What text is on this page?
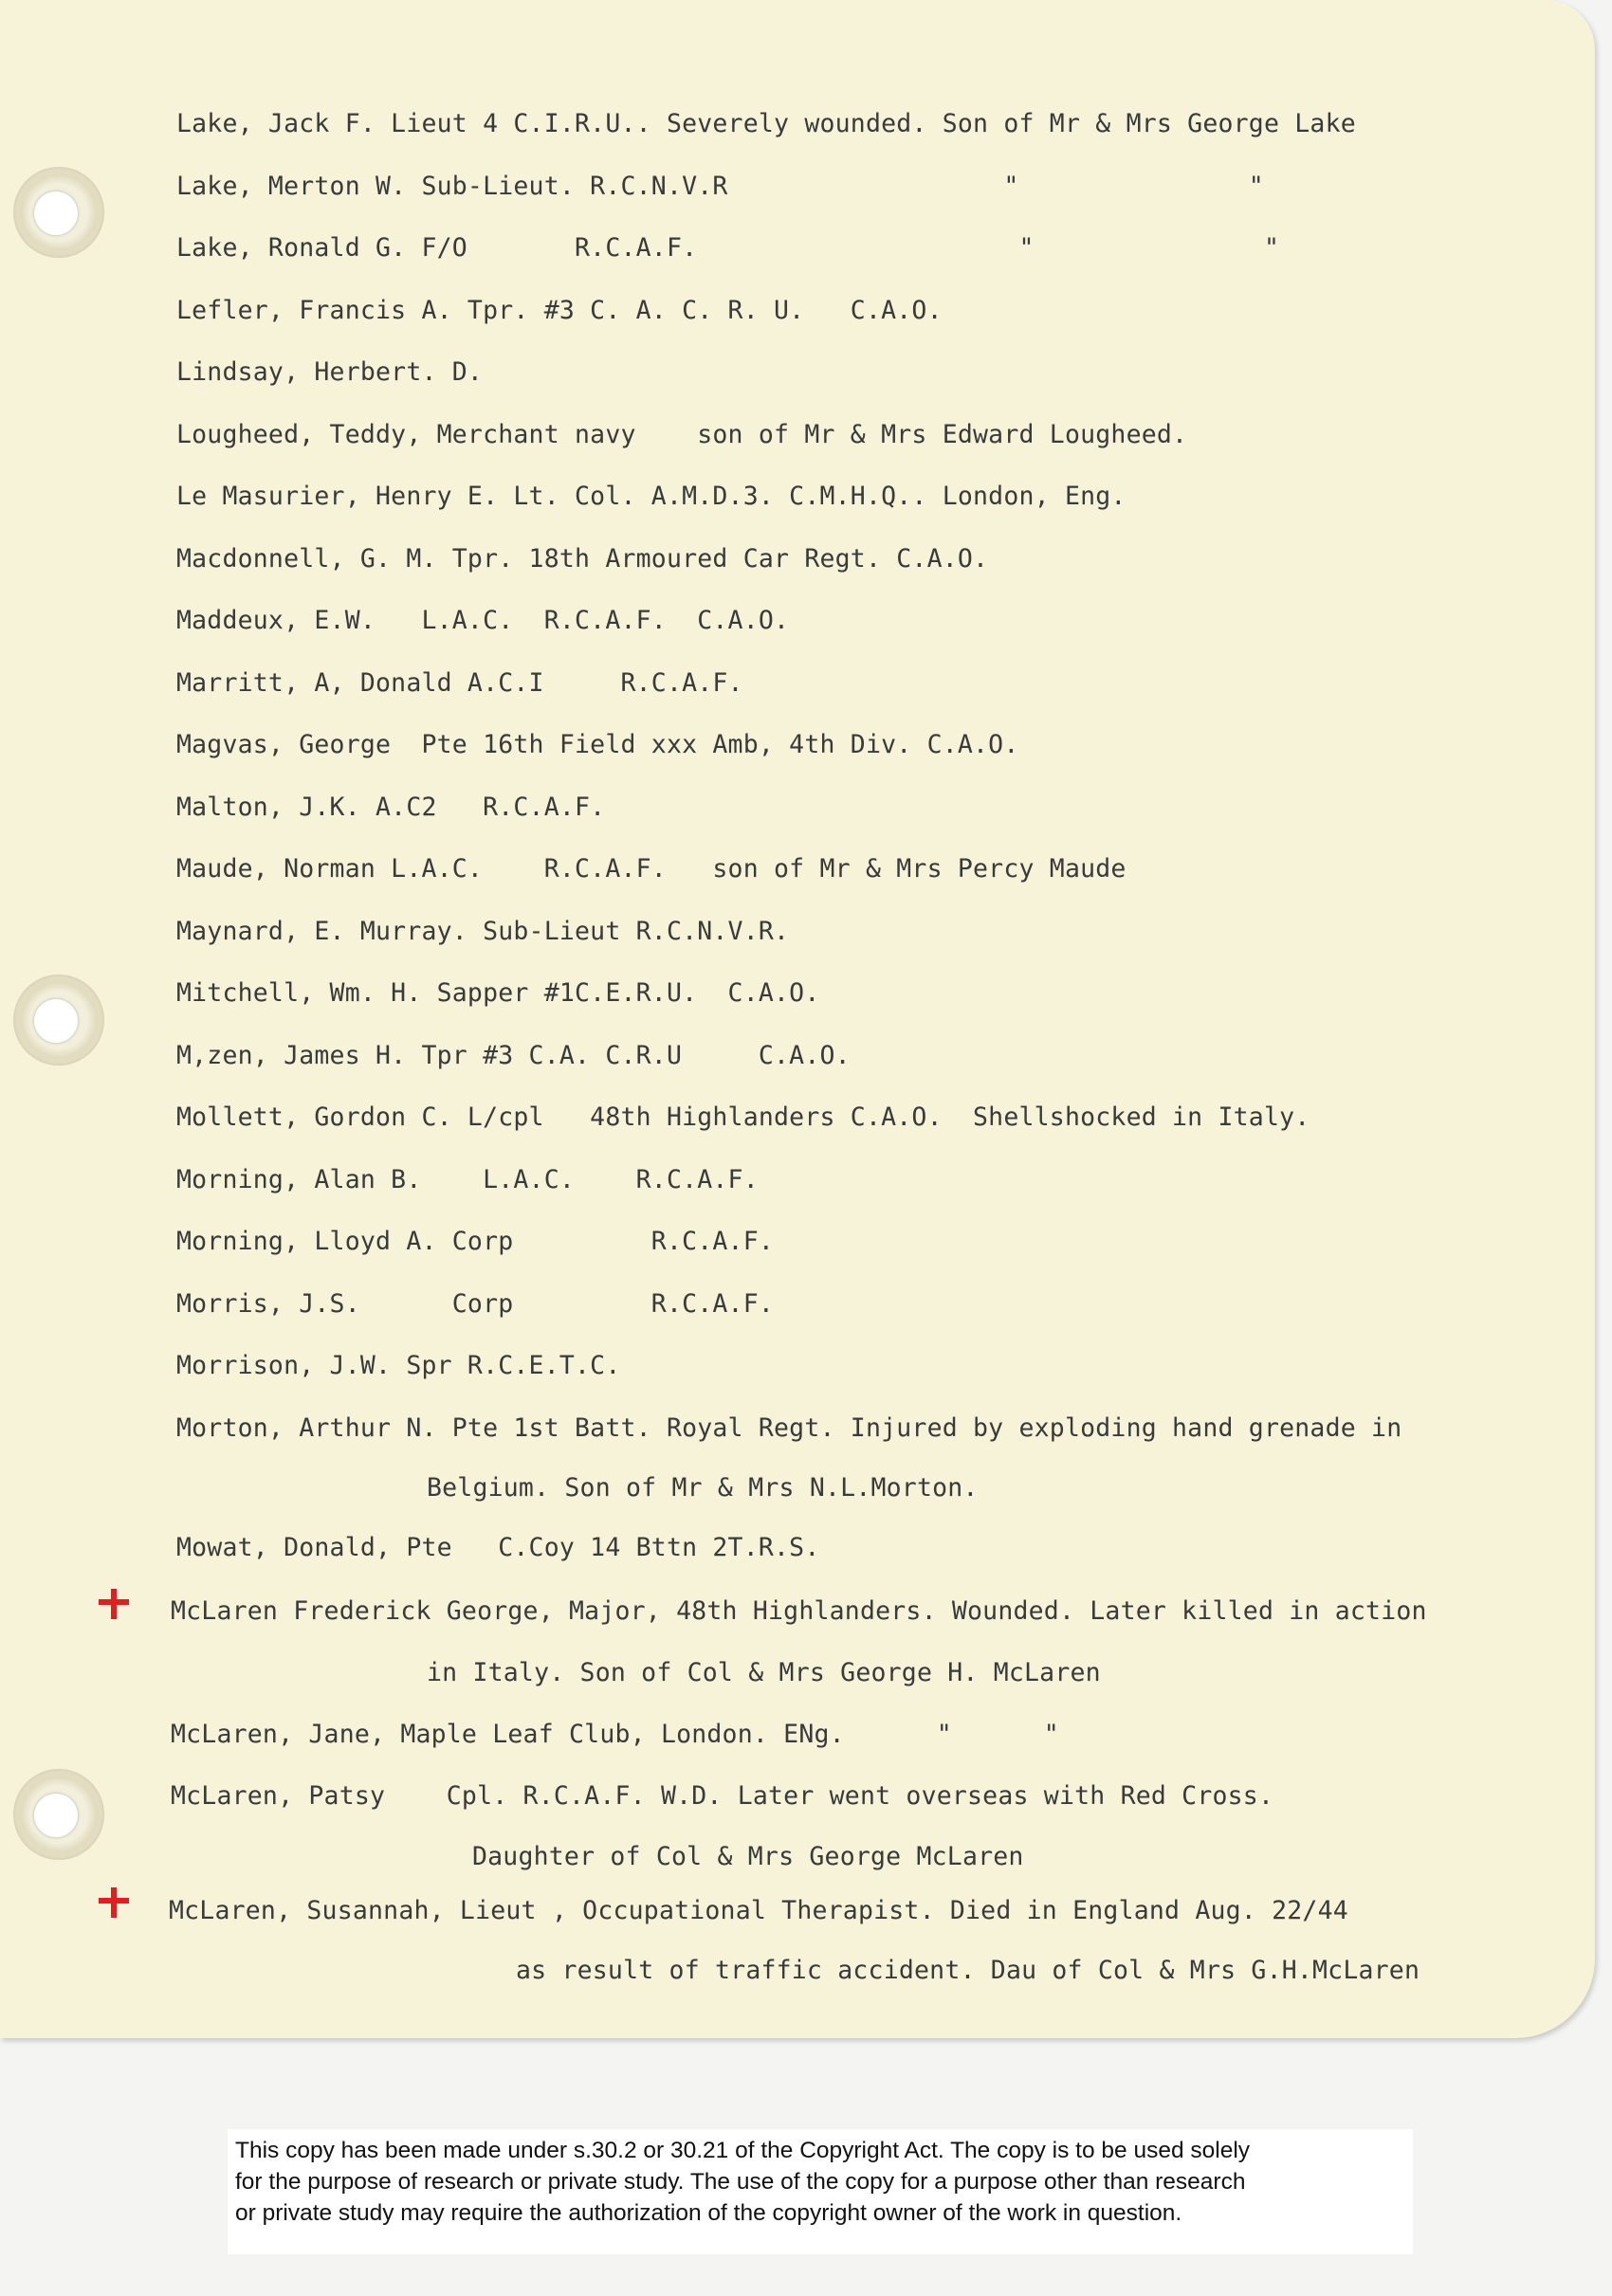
Lake, Jack F. Lieut 4 C.I.R.U.. Severely wounded. Son of Mr & Mrs George Lake

Lake, Merton W. Sub-Lieut. R.C.N.V.R                  "               "

Lake, Ronald G. F/O       R.C.A.F.                     "               "

Lefler, Francis A. Tpr. #3 C. A. C. R. U.   C.A.O.

Lindsay, Herbert. D.

Lougheed, Teddy, Merchant navy    son of Mr & Mrs Edward Lougheed.

Le Masurier, Henry E. Lt. Col. A.M.D.3. C.M.H.Q.. London, Eng.

Macdonnell, G. M. Tpr. 18th Armoured Car Regt. C.A.O.

Maddeux, E.W.   L.A.C.  R.C.A.F.  C.A.O.

Marritt, A, Donald A.C.I     R.C.A.F.

Magvas, George  Pte 16th Field xxx Amb, 4th Div. C.A.O.

Malton, J.K. A.C2   R.C.A.F.

Maude, Norman L.A.C.    R.C.A.F.   son of Mr & Mrs Percy Maude

Maynard, E. Murray. Sub-Lieut R.C.N.V.R.

Mitchell, Wm. H. Sapper #1C.E.R.U.  C.A.O.

M,zen, James H. Tpr #3 C.A. C.R.U     C.A.O.

Mollett, Gordon C. L/cpl   48th Highlanders C.A.O.  Shellshocked in Italy.

Morning, Alan B.    L.A.C.    R.C.A.F.

Morning, Lloyd A. Corp         R.C.A.F.

Morris, J.S.      Corp         R.C.A.F.

Morrison, J.W. Spr R.C.E.T.C.

Morton, Arthur N. Pte 1st Batt. Royal Regt. Injured by exploding hand grenade in

Belgium. Son of Mr & Mrs N.L.Morton.

Mowat, Donald, Pte   C.Coy 14 Bttn 2T.R.S.

McLaren Frederick George, Major, 48th Highlanders. Wounded. Later killed in action

in Italy. Son of Col & Mrs George H. McLaren

McLaren, Jane, Maple Leaf Club, London. ENg.      "      "

McLaren, Patsy    Cpl. R.C.A.F. W.D. Later went overseas with Red Cross.

Daughter of Col & Mrs George McLaren

McLaren, Susannah, Lieut , Occupational Therapist. Died in England Aug. 22/44

as result of traffic accident. Dau of Col & Mrs G.H.McLaren

This copy has been made under s.30.2 or 30.21 of the Copyright Act. The copy is to be used solely

for the purpose of research or private study. The use of the copy for a purpose other than research

or private study may require the authorization of the copyright owner of the work in question.
